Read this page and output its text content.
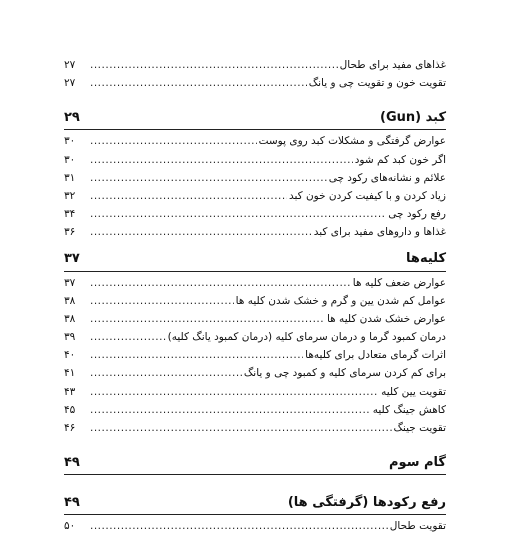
غذاهای مفید برای طحال
.....
۲۷
تقویت خون و تقویت چی و یانگ
.....
۲۷
کبد (Gun)
۲۹
عوارض گرفتگی و مشکلات کبد روی پوست
.....
۳۰
اگر خون کبد کم شود
.....
۳۰
علائم و نشانه‌های رکود چی
.....
۳۱
زیاد کردن و با کیفیت کردن خون کبد
.....
۳۲
رفع رکود چی
.....
۳۴
غذاها و داروهای مفید برای کبد
.....
۳۶
کلیه‌ها
۳۷
عوارض ضعف کلیه ها
.....
۳۷
عوامل کم شدن یین و گرم و خشک شدن کلیه ها
.....
۳۸
عوارض خشک شدن کلیه ها
.....
۳۸
درمان کمبود گرما و درمان سرمای کلیه (درمان کمبود یانگ کلیه)
.....
۳۹
اثرات گرمای متعادل برای کلیه‌ها
.....
۴۰
برای کم کردن سرمای کلیه و کمبود چی و یانگ
.....
۴۱
تقویت یین کلیه
.....
۴۳
کاهش جینگ کلیه
.....
۴۵
تقویت جینگ
.....
۴۶
گام سوم
۴۹
رفع رکودها (گرفتگی ها)
۴۹
تقویت طحال
.....
۵۰
